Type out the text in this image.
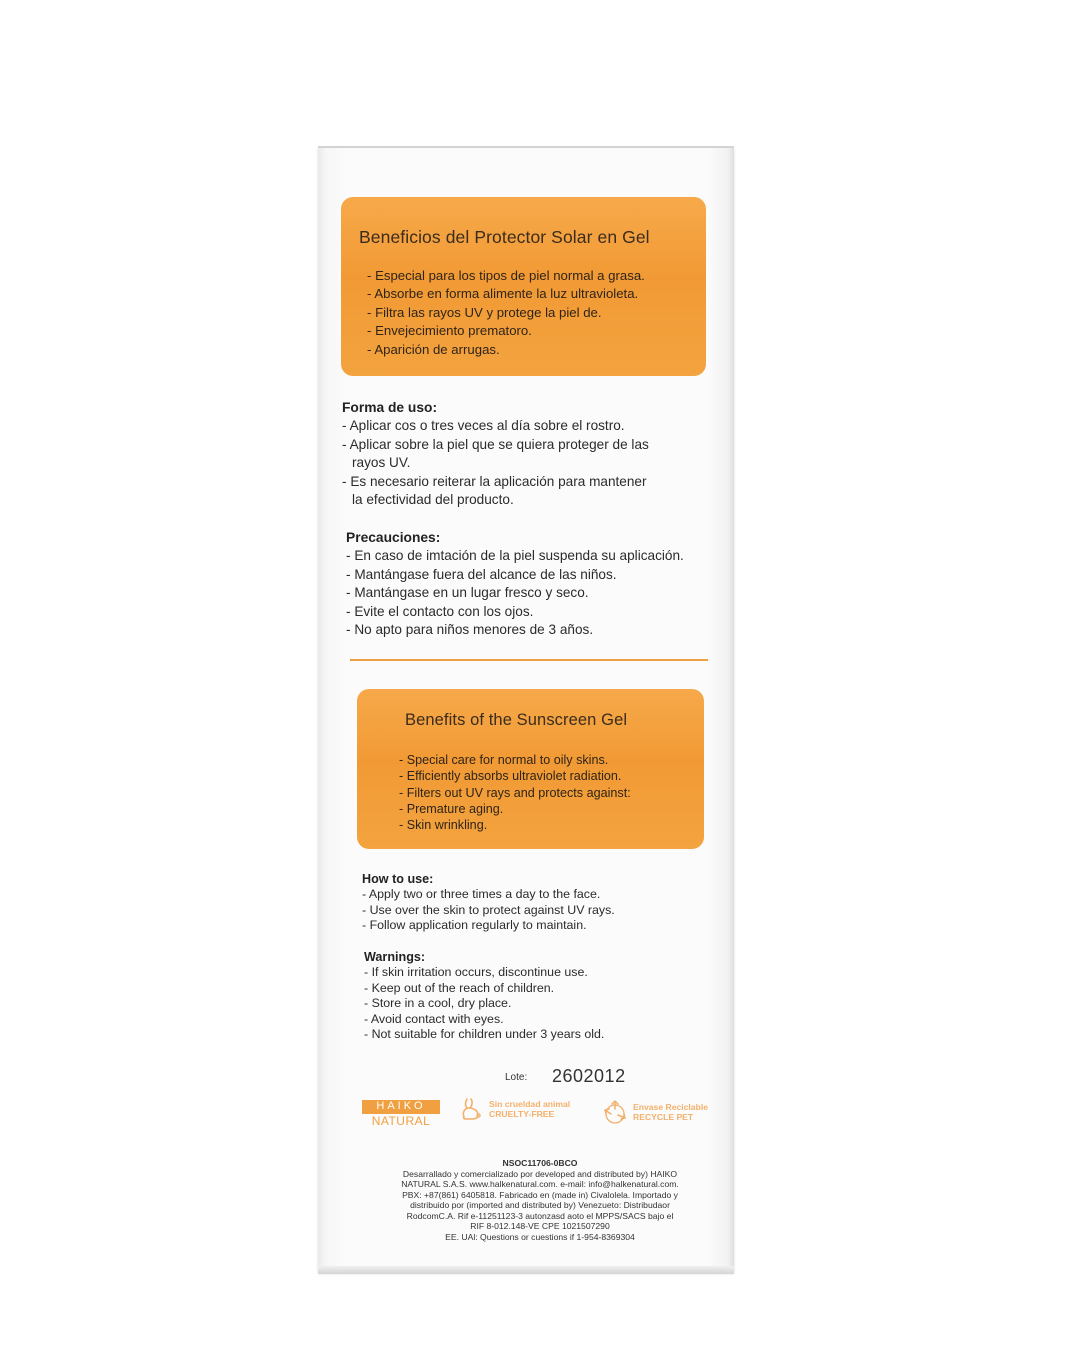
Beneficios del Protector Solar en Gel
- Especial para los tipos de piel normal a grasa.
- Absorbe en forma alimente la luz ultravioleta.
- Filtra las rayos UV y protege la piel de.
- Envejecimiento prematoro.
- Aparición de arrugas.
Forma de uso:
- Aplicar cos o tres veces al día sobre el rostro.
- Aplicar sobre la piel que se quiera proteger de las
rayos UV.
- Es necesario reiterar la aplicación para mantener
la efectividad del producto.
Precauciones:
- En caso de imtación de la piel suspenda su aplicación.
- Mantángase fuera del alcance de las niños.
- Mantángase en un lugar fresco y seco.
- Evite el contacto con los ojos.
- No apto para niños menores de 3 años.
Benefits of the Sunscreen Gel
- Special care for normal to oily skins.
- Efficiently absorbs ultraviolet radiation.
- Filters out UV rays and protects against:
- Premature aging.
- Skin wrinkling.
How to use:
- Apply two or three times a day to the face.
- Use over the skin to protect against UV rays.
- Follow application regularly to maintain.
Warnings:
- If skin irritation occurs, discontinue use.
- Keep out of the reach of children.
- Store in a cool, dry place.
- Avoid contact with eyes.
- Not suitable for children under 3 years old.
Lote: 2602012
HAIKO
NATURAL
Sin crueldad animal
CRUELTY-FREE
Envase Reciclable
RECYCLE PET
NSOC11706-0BCO
Desarrallado y comercializado por developed and distributed by) HAIKO
NATURAL S.A.S. www.halkenatural.com. e-mail: info@halkenatural.com.
PBX: +87(861) 6405818. Fabricado en (made in) Civalolela. Importado y
distribuido por (imported and distributed by) Venezueto: Distribudaor
RodcomC.A. Rif e-11251123-3 autonzasd aoto el MPPS/SACS bajo el
RIF 8-012.148-VE CPE 1021507290
EE. UAl: Questions or cuestions if 1-954-8369304
